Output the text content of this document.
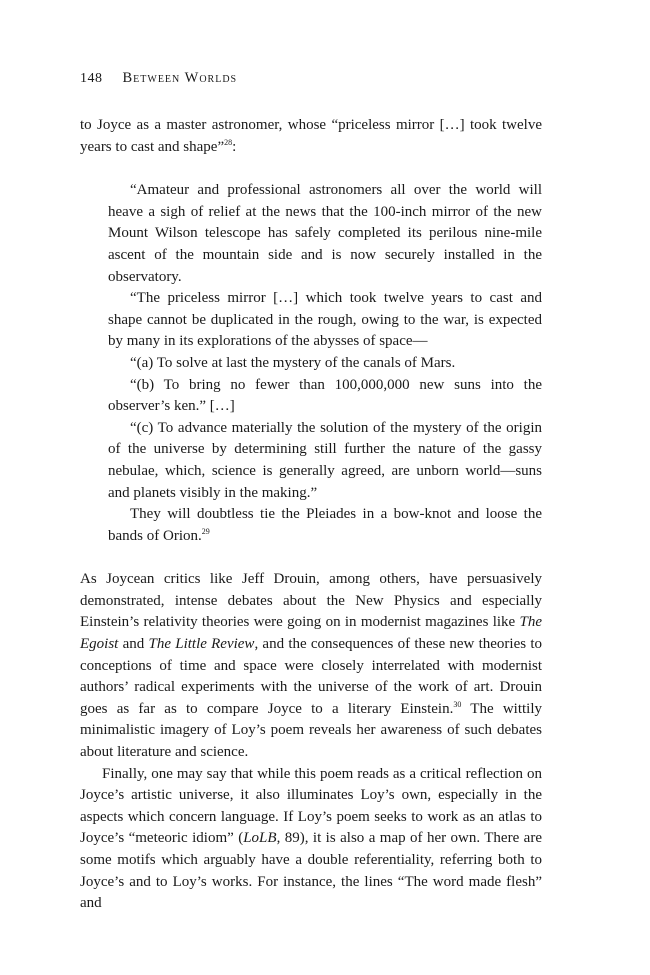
148 Between Worlds

to Joyce as a master astronomer, whose “priceless mirror […] took twelve years to cast and shape”$^{28}$:

“Amateur and professional astronomers all over the world will heave a sigh of relief at the news that the 100-inch mirror of the new Mount Wilson telescope has safely completed its perilous nine-mile ascent of the mountain side and is now securely installed in the observatory.

“The priceless mirror […] which took twelve years to cast and shape cannot be duplicated in the rough, owing to the war, is expected by many in its explorations of the abysses of space—

“(a) To solve at last the mystery of the canals of Mars.

“(b) To bring no fewer than 100,000,000 new suns into the observer’s ken.” […]

“(c) To advance materially the solution of the mystery of the origin of the universe by determining still further the nature of the gassy nebulae, which, science is generally agreed, are unborn world—suns and planets visibly in the making.”

They will doubtless tie the Pleiades in a bow-knot and loose the bands of Orion.$^{29}$

As Joycean critics like Jeff Drouin, among others, have persuasively demonstrated, intense debates about the New Physics and especially Einstein’s relativity theories were going on in modernist magazines like The Egoist and The Little Review, and the consequences of these new theories to conceptions of time and space were closely interrelated with modernist authors’ radical experiments with the universe of the work of art. Drouin goes as far as to compare Joyce to a literary Einstein.$^{30}$ The wittily minimalistic imagery of Loy’s poem reveals her awareness of such debates about literature and science.

Finally, one may say that while this poem reads as a critical reflection on Joyce’s artistic universe, it also illuminates Loy’s own, especially in the aspects which concern language. If Loy’s poem seeks to work as an atlas to Joyce’s “meteoric idiom” (LoLB, 89), it is also a map of her own. There are some motifs which arguably have a double referentiality, referring both to Joyce’s and to Loy’s works. For instance, the lines “The word made flesh” and
